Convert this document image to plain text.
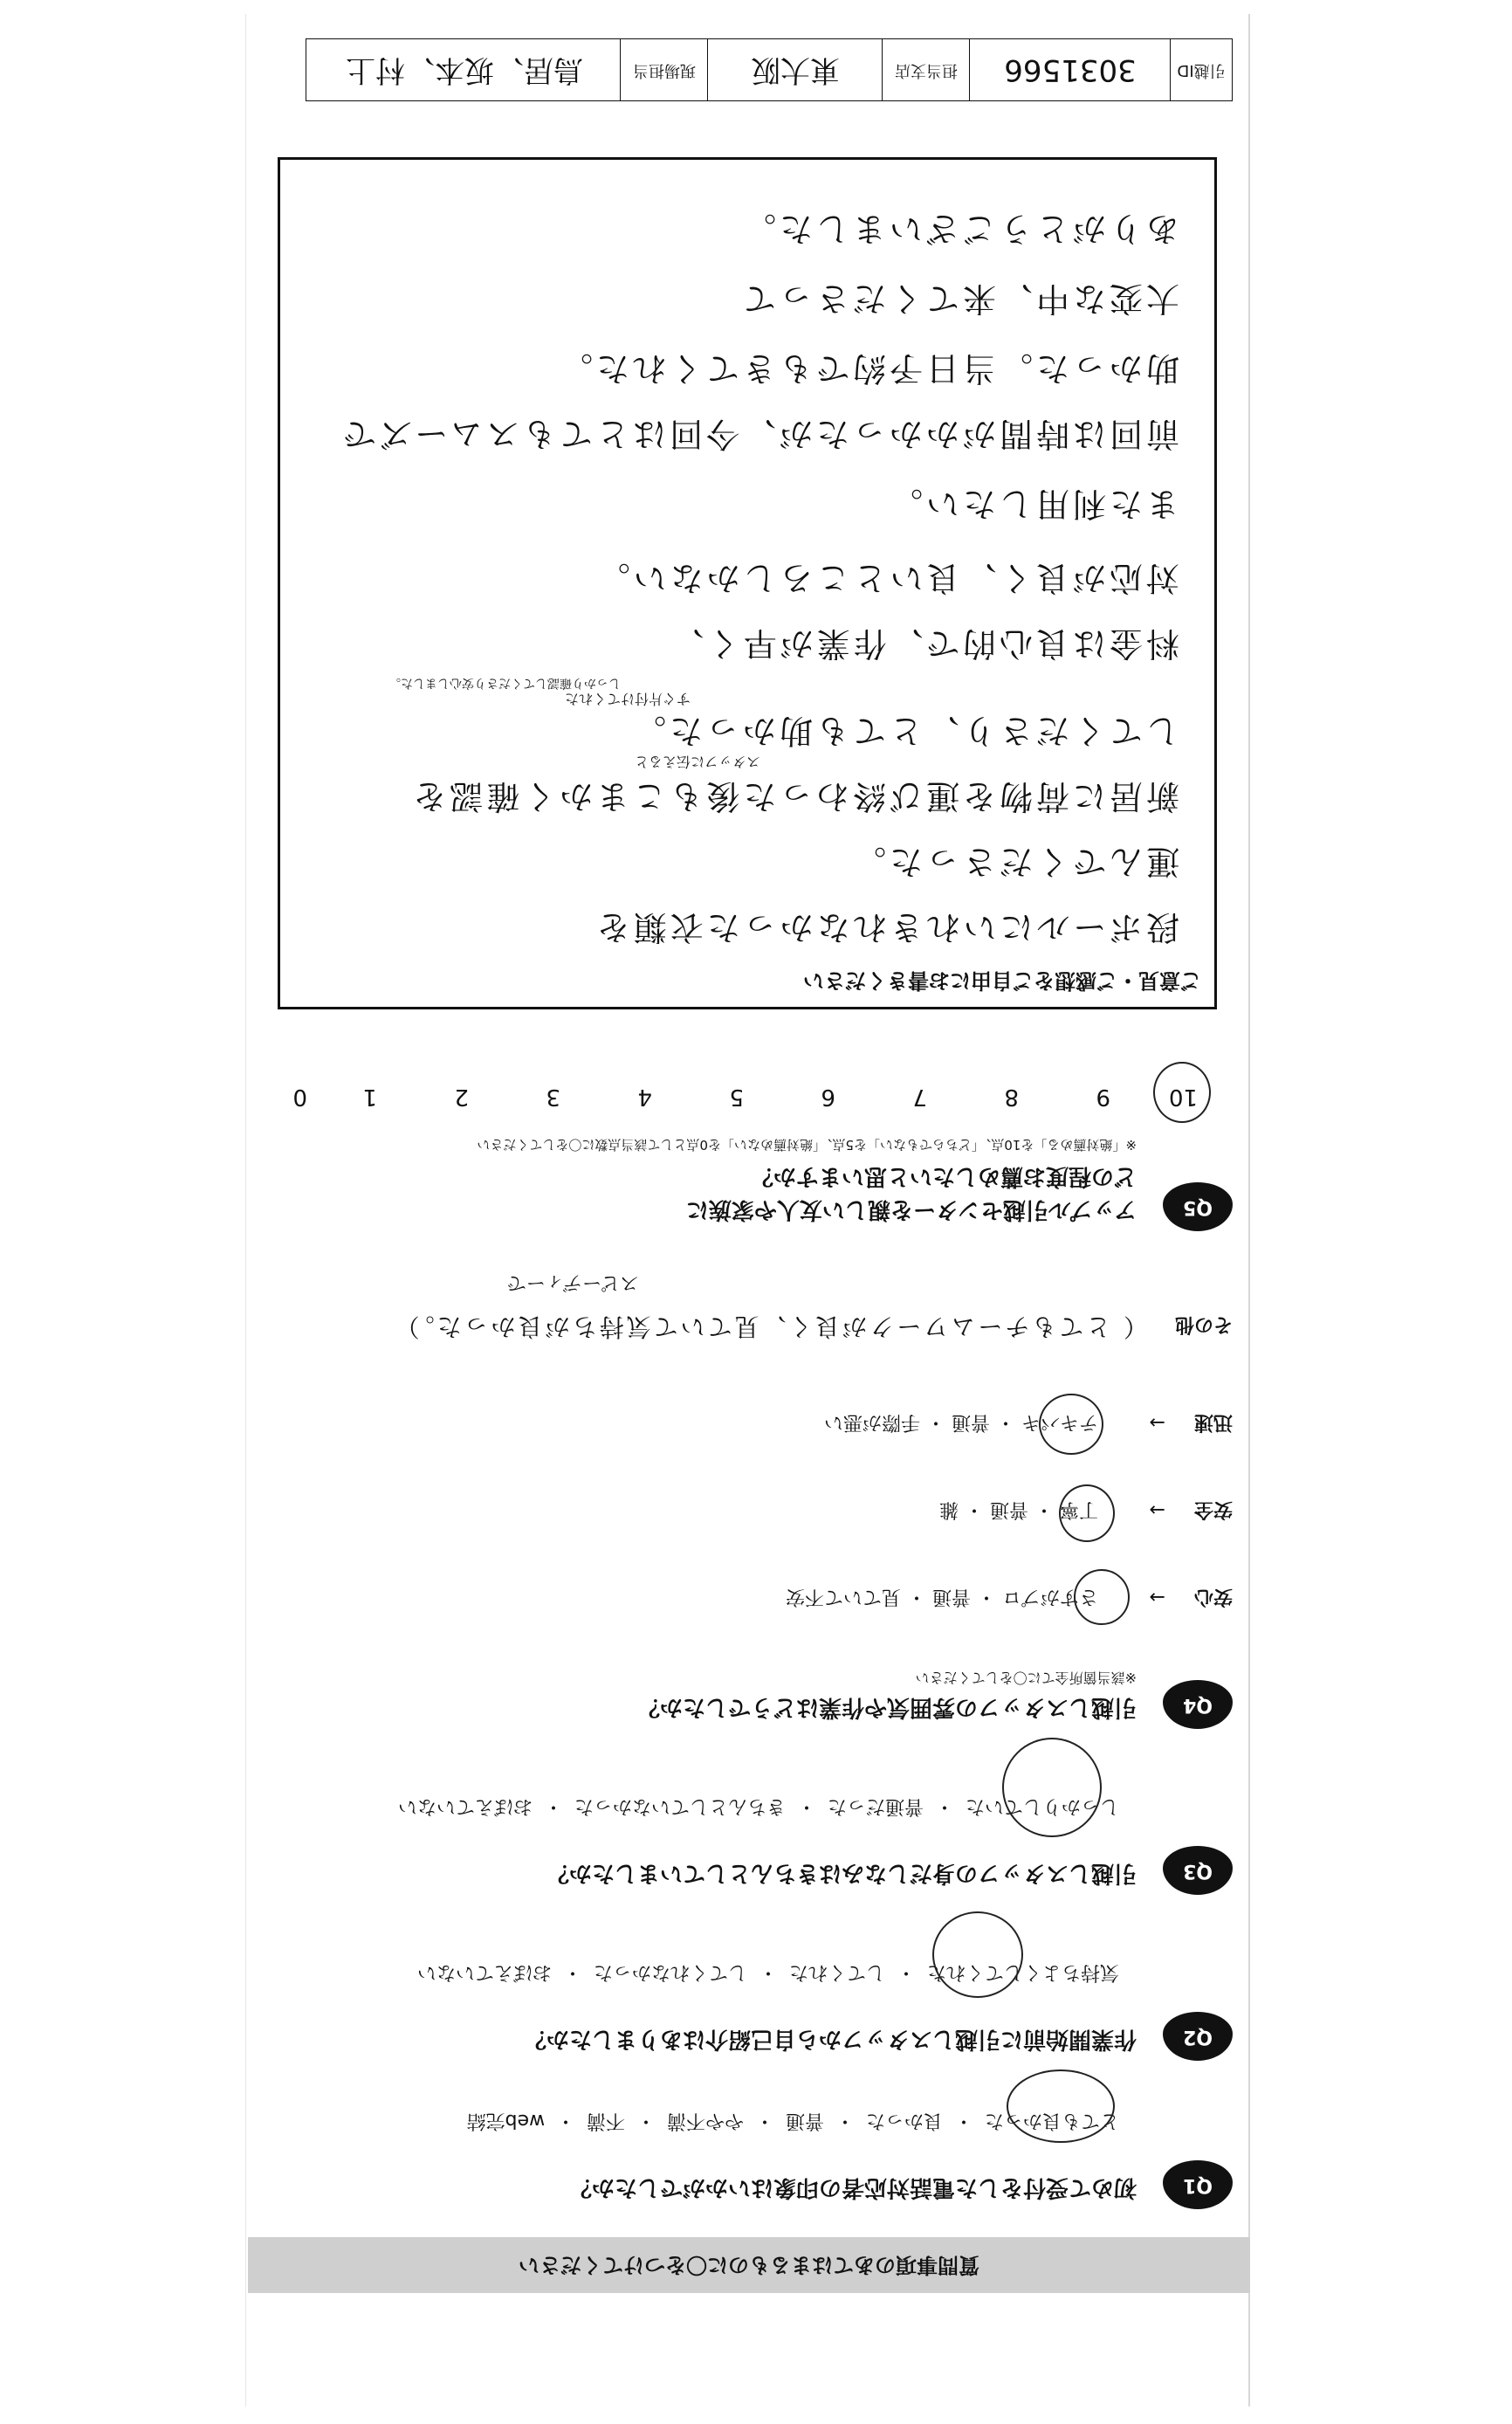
質問事項のあてはまるものに〇をつけてください
Q1
初めて受付をした電話対応者の印象はいかがでしたか？
とても良かった ・ 良かった ・ 普通 ・ やや不満 ・ 不満 ・ web完結
Q2
作業開始前に引越しスタッフから自己紹介はありましたか？
気持ちよくしてくれた ・ してくれた ・ してくれなかった ・ おぼえていない
Q3
引越しスタッフの身だしなみはきちんとしていましたか？
しっかりしていた ・ 普通だった ・ きちんとしていなかった ・ おぼえていない
Q4
引越しスタッフの雰囲気や作業はどうでしたか？
※該当箇所全てに〇をしてください
安心 → さすがプロ ・ 普通 ・ 見ていて不安
安全 → 丁寧 ・ 普通 ・ 雑
迅速 → テキパキ ・ 普通 ・ 手際が悪い
その他 （ とてもチームワークが良く、見ていて気持ちが良かった。）
スピーディーで
Q5
アップル引越センターを親しい友人や家族に
どの程度お薦めしたいと思いますか？
※「絶対薦める」を10点、「どちらでもない」を5点、「絶対薦めない」を0点として該当点数に〇をしてください
10
9
8
7
6
5
4
3
2
1
0
ご意見・ご感想をご自由にお書きください
段ボールにいれきれなかった衣類を
運んでくださった。
新居に荷物を運び終わった後もこまかく確認を
スタッフに伝えると
してくださり、とても助かった。
すぐ片付けてくれた
しっかり確認してくださり安心しました。
料金は良心的で、作業が早く、
対応が良く、良いところしかない。
また利用したい。
前回は時間がかかったが、今回はとてもスムーズで
助かった。当日予約でもきてくれた。
大変な中、来てくださって
ありがとうございました。
引越ID
3031566
担当支店
東大阪
現場担当
鳥居、坂本、村上
